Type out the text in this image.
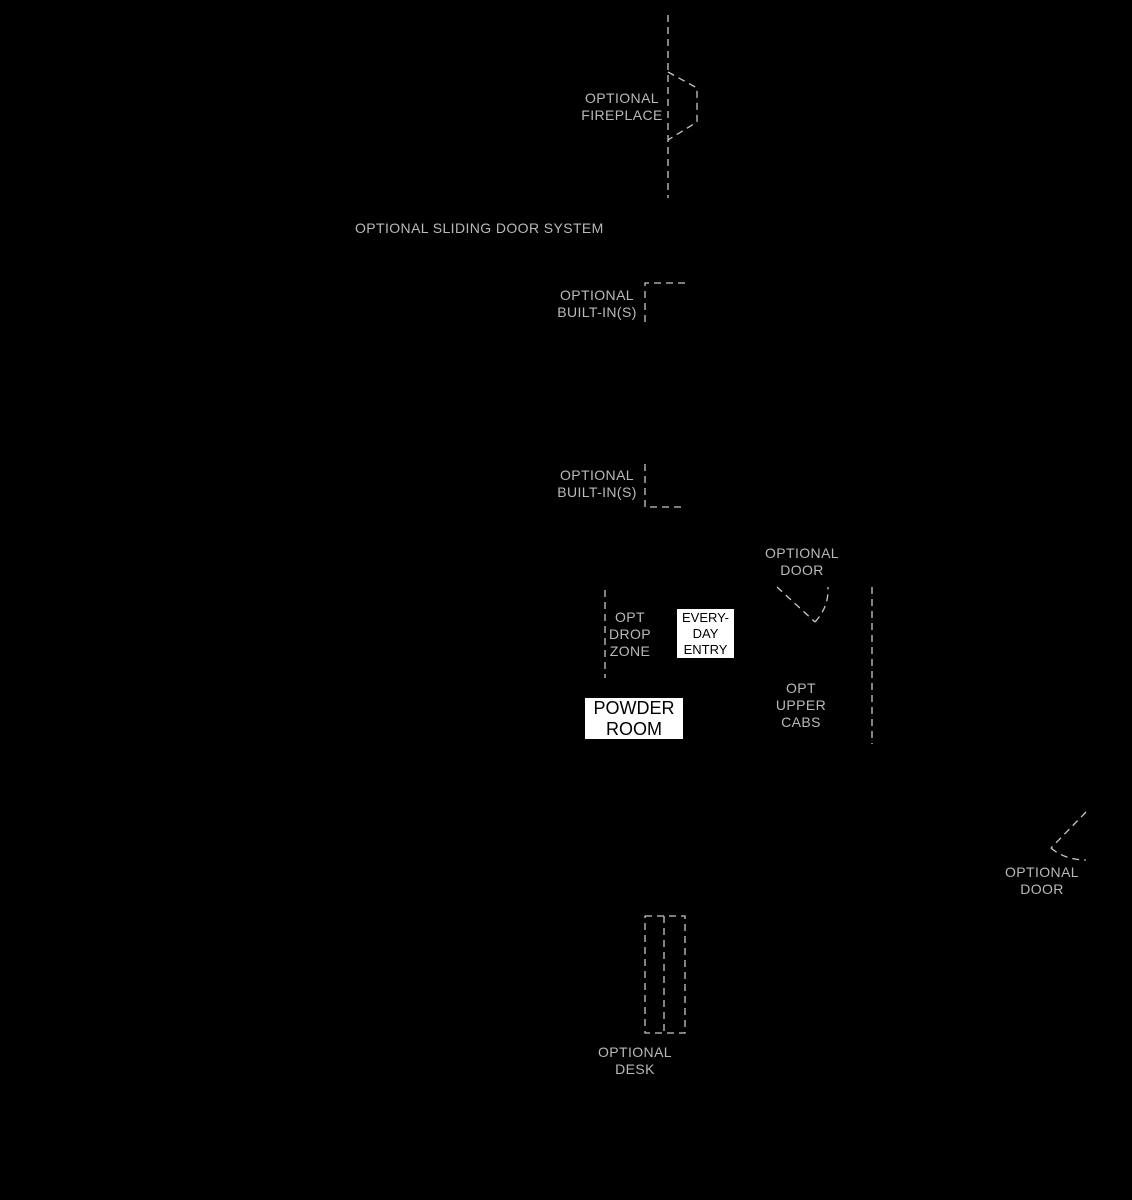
OPTIONAL
FIREPLACE
OPTIONAL SLIDING DOOR SYSTEM
OPTIONAL
BUILT-IN(S)
OPTIONAL
BUILT-IN(S)
OPTIONAL
DOOR
OPT
DROP
ZONE
EVERY-
DAY
ENTRY
OPT
UPPER
CABS
POWDER
ROOM
OPTIONAL
DOOR
OPTIONAL
DESK
